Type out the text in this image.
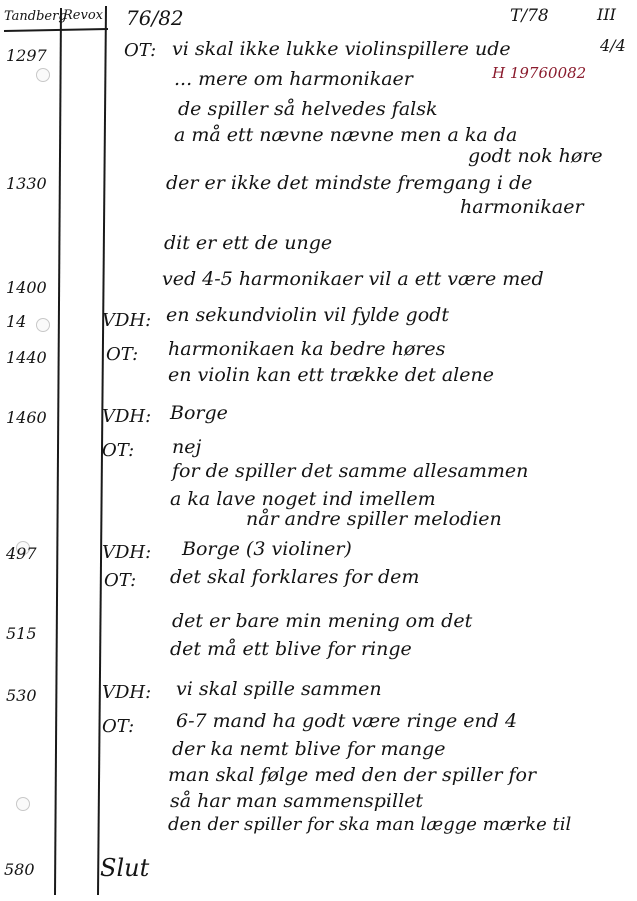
Tandberg
Revox 76/82	T/78	III
4/4
H 19760082
1297	OT: vi skal ikke lukke violinspillere ude
... mere om harmonikaer
de spiller så helvedes falsk
a må ett nævne nævne men a ka da
godt nok høre
1330	der er ikke det mindste fremgang i de
harmonikaer
dit er ett de unge
1400	ved 4-5 harmonikaer vil a ett være med
14	VDH: en sekundviolin vil fylde godt
1440	OT: harmonikaen ka bedre høres
en violin kan ett trække det alene
1460	VDH: Borge
OT: nej
for de spiller det samme allesammen
a ka lave noget ind imellem
når andre spiller melodien
497	VDH: Borge (3 violiner)
OT: det skal forklares for dem
515
det er bare min mening om det
det må ett blive for ringe
530	VDH: vi skal spille sammen
OT: 6-7 mand ha godt være ringe end 4
der ka nemt blive for mange
man skal følge med den der spiller for
så har man sammenspillet
den der spiller for ska man lægge mærke til
580	Slut
